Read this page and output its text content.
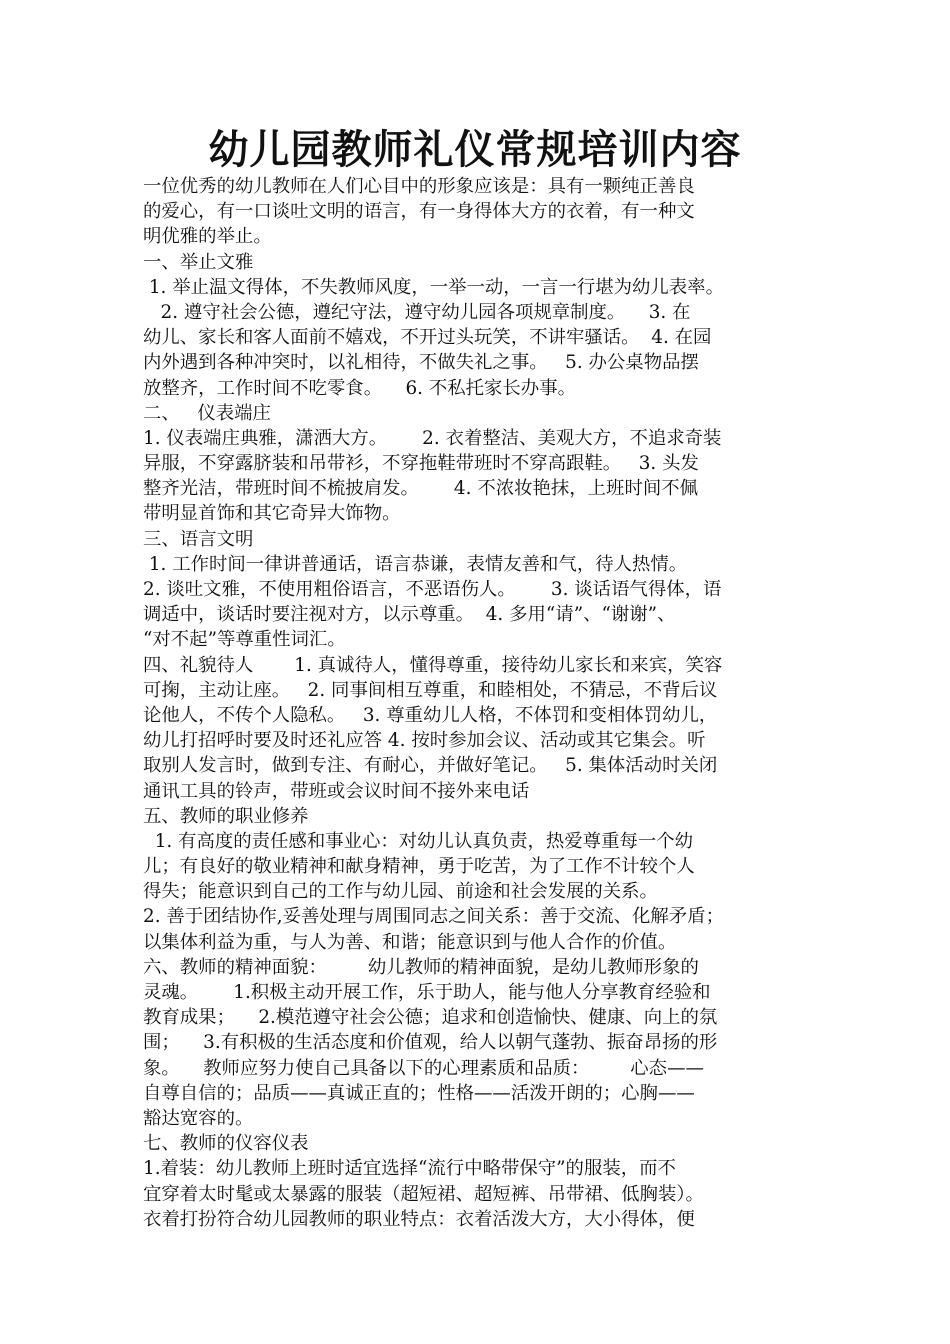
幼儿园教师礼仪常规培训内容
一位优秀的幼儿教师在人们心目中的形象应该是：具有一颗纯正善良
的爱心，有一口谈吐文明的语言，有一身得体大方的衣着，有一种文
明优雅的举止。
一、举止文雅
1. 举止温文得体，不失教师风度，一举一动，一言一行堪为幼儿表率。
2. 遵守社会公德，遵纪守法，遵守幼儿园各项规章制度。    3. 在
幼儿、家长和客人面前不嬉戏，不开过头玩笑，不讲牢骚话。  4. 在园
内外遇到各种冲突时，以礼相待，不做失礼之事。   5. 办公桌物品摆
放整齐，工作时间不吃零食。    6. 不私托家长办事。
二、   仪表端庄
1. 仪表端庄典雅，潇洒大方。      2. 衣着整洁、美观大方，不追求奇装
异服，不穿露脐装和吊带衫，不穿拖鞋带班时不穿高跟鞋。   3. 头发
整齐光洁，带班时间不梳披肩发。      4. 不浓妆艳抹，上班时间不佩
带明显首饰和其它奇异大饰物。
三、语言文明
1. 工作时间一律讲普通话，语言恭谦，表情友善和气，待人热情。
2. 谈吐文雅，不使用粗俗语言，不恶语伤人。      3. 谈话语气得体，语
调适中，谈话时要注视对方，以示尊重。  4. 多用“请”、“谢谢”、
“对不起”等尊重性词汇。
四、礼貌待人       1. 真诚待人，懂得尊重，接待幼儿家长和来宾，笑容
可掬，主动让座。   2. 同事间相互尊重，和睦相处，不猜忌，不背后议
论他人，不传个人隐私。   3. 尊重幼儿人格，不体罚和变相体罚幼儿，
幼儿打招呼时要及时还礼应答 4. 按时参加会议、活动或其它集会。听
取别人发言时，做到专注、有耐心，并做好笔记。   5. 集体活动时关闭
通讯工具的铃声，带班或会议时间不接外来电话
五、教师的职业修养
1. 有高度的责任感和事业心：对幼儿认真负责，热爱尊重每一个幼
儿；有良好的敬业精神和献身精神，勇于吃苦，为了工作不计较个人
得失；能意识到自己的工作与幼儿园、前途和社会发展的关系。
2. 善于团结协作,妥善处理与周围同志之间关系：善于交流、化解矛盾；
以集体利益为重，与人为善、和谐；能意识到与他人合作的价值。
六、教师的精神面貌：       幼儿教师的精神面貌，是幼儿教师形象的
灵魂。      1.积极主动开展工作，乐于助人，能与他人分享教育经验和
教育成果；    2.模范遵守社会公德；追求和创造愉快、健康、向上的氛
围；    3.有积极的生活态度和价值观，给人以朝气蓬勃、振奋昂扬的形
象。    教师应努力使自己具备以下的心理素质和品质：       心态——
自尊自信的；品质——真诚正直的；性格——活泼开朗的；心胸——
豁达宽容的。
七、教师的仪容仪表
1.着装：幼儿教师上班时适宜选择“流行中略带保守”的服装，而不
宜穿着太时髦或太暴露的服装（超短裙、超短裤、吊带裙、低胸装）。
衣着打扮符合幼儿园教师的职业特点：衣着活泼大方，大小得体，便
